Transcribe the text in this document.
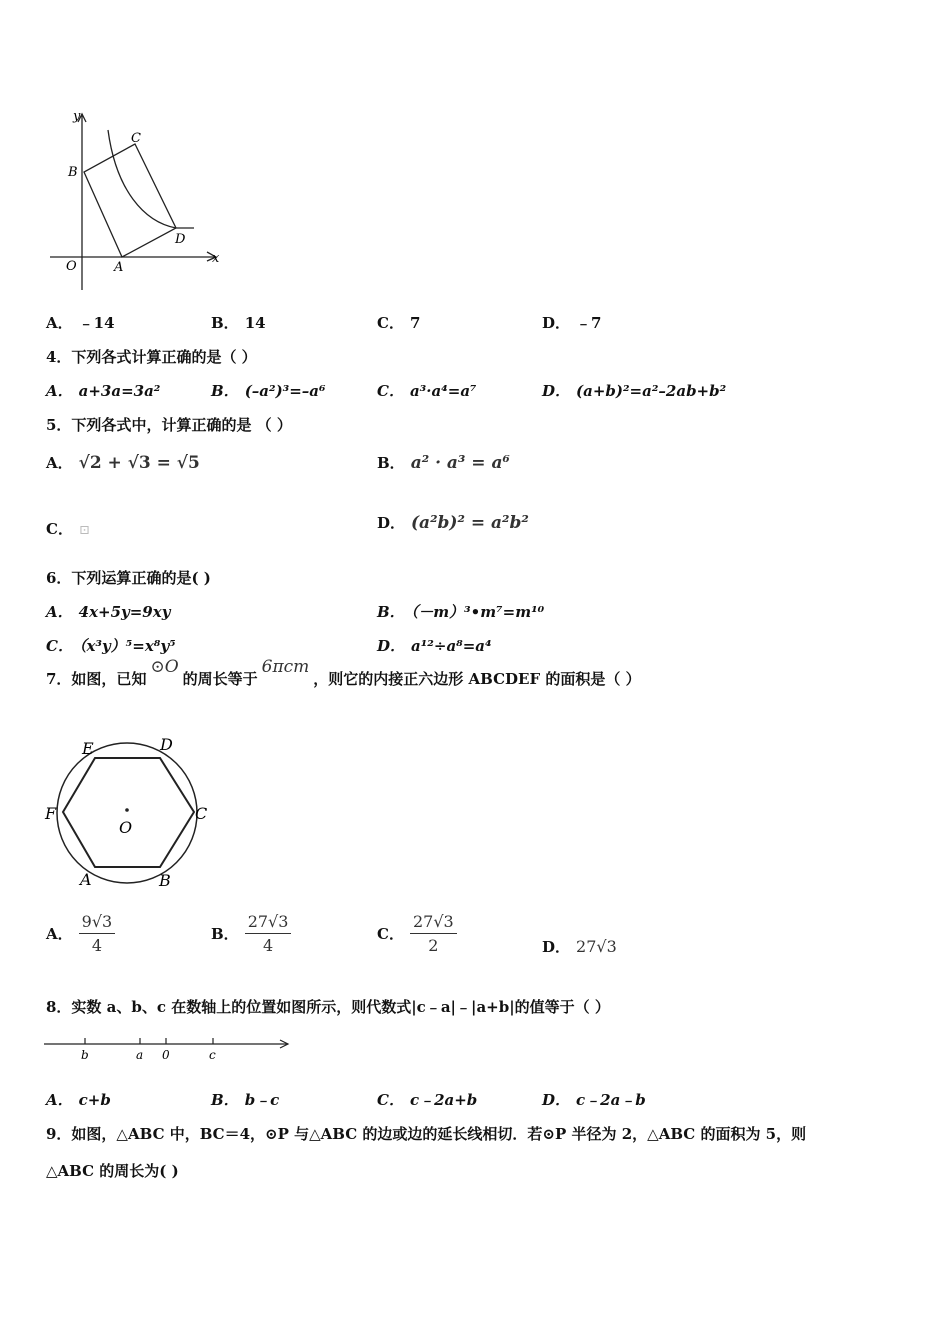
y
x
O	A
B
C
D
A． ﹣14	B． 14	C． 7	D． ﹣7
4．下列各式计算正确的是（ ）
A． a+3a=3a²	B． (–a²)³=–a⁶	C． a³·a⁴=a⁷	D． (a+b)²=a²–2ab+b²
5．下列各式中，计算正确的是 （ ）
A． √2 + √3 = √5	B． a² · a³ = a⁶
C． ⊡	D． (a²b)² = a²b²
6．下列运算正确的是( )
A． 4x+5y=9xy	B． （－m）³•m⁷=m¹⁰
C． （x³y）⁵=x⁸y⁵	D． a¹²÷a⁸=a⁴
7．如图，已知⊙O的周长等于6πcm，则它的内接正六边形 ABCDEF 的面积是（ ）
O
A	B
C
D
E
F
A． $\frac{9√3}{4}$	B． $\frac{27√3}{4}$	C． $\frac{27√3}{2}$	D． 27√3
8．实数 a、b、c 在数轴上的位置如图所示，则代数式|c﹣a|﹣|a+b|的值等于（ ）
b	a 0	c
A． c+b	B． b﹣c	C． c﹣2a+b	D． c﹣2a﹣b
9．如图，△ABC 中，BC＝4，⊙P 与△ABC 的边或边的延长线相切．若⊙P 半径为 2，△ABC 的面积为 5，则
△ABC 的周长为( )
